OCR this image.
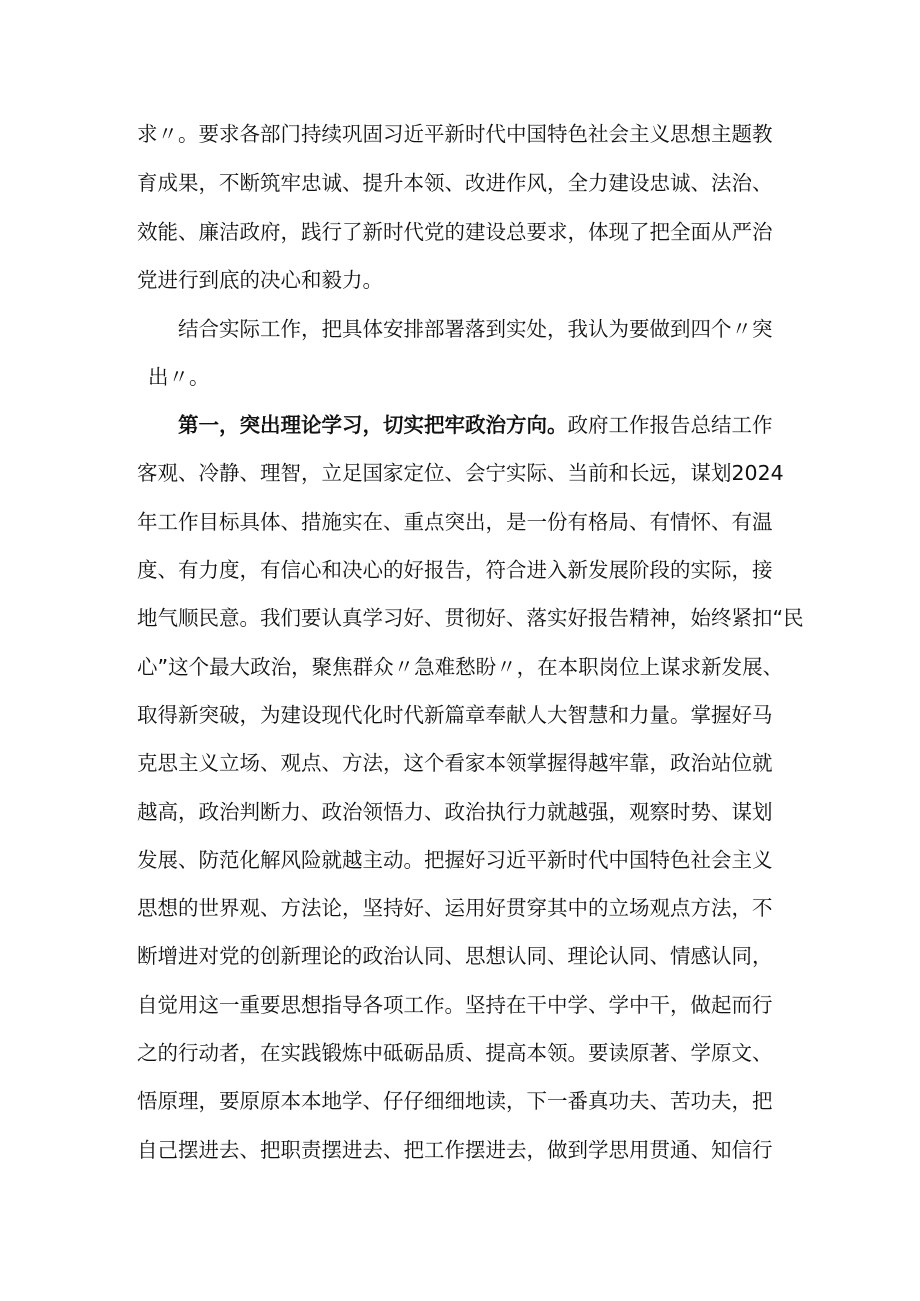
求〃。要求各部门持续巩固习近平新时代中国特色社会主义思想主题教
育成果，不断筑牢忠诚、提升本领、改进作风，全力建设忠诚、法治、
效能、廉洁政府，践行了新时代党的建设总要求，体现了把全面从严治
党进行到底的决心和毅力。
结合实际工作，把具体安排部署落到实处，我认为要做到四个〃突
出〃。
第一，突出理论学习，切实把牢政治方向。政府工作报告总结工作
客观、冷静、理智，立足国家定位、会宁实际、当前和长远，谋划2024
年工作目标具体、措施实在、重点突出，是一份有格局、有情怀、有温
度、有力度，有信心和决心的好报告，符合进入新发展阶段的实际，接
地气顺民意。我们要认真学习好、贯彻好、落实好报告精神，始终紧扣“民
心”这个最大政治，聚焦群众〃急难愁盼〃，在本职岗位上谋求新发展、
取得新突破，为建设现代化时代新篇章奉献人大智慧和力量。掌握好马
克思主义立场、观点、方法，这个看家本领掌握得越牢靠，政治站位就
越高，政治判断力、政治领悟力、政治执行力就越强，观察时势、谋划
发展、防范化解风险就越主动。把握好习近平新时代中国特色社会主义
思想的世界观、方法论，坚持好、运用好贯穿其中的立场观点方法，不
断增进对党的创新理论的政治认同、思想认同、理论认同、情感认同，
自觉用这一重要思想指导各项工作。坚持在干中学、学中干，做起而行
之的行动者，在实践锻炼中砥砺品质、提高本领。要读原著、学原文、
悟原理，要原原本本地学、仔仔细细地读，下一番真功夫、苦功夫，把
自己摆进去、把职责摆进去、把工作摆进去，做到学思用贯通、知信行
